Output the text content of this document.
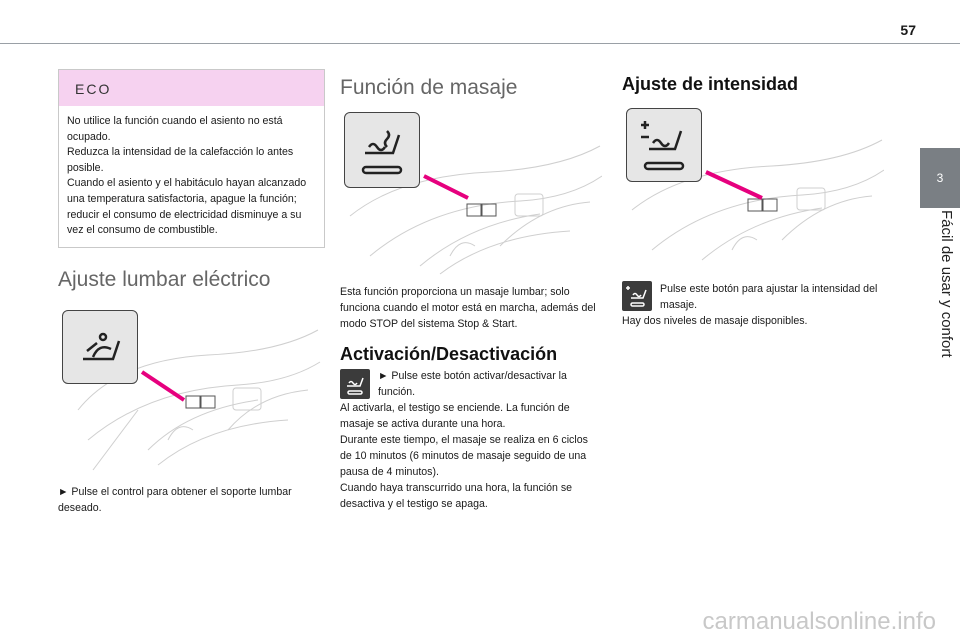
57
3
Fácil de usar y confort
ECO
No utilice la función cuando el asiento no está
ocupado.
Reduzca la intensidad de la calefacción lo antes
posible.
Cuando el asiento y el habitáculo hayan alcanzado
una temperatura satisfactoria, apague la función;
reducir el consumo de electricidad disminuye a su
vez el consumo de combustible.
Ajuste lumbar eléctrico
► Pulse el control para obtener el soporte lumbar
deseado.
Función de masaje
Esta función proporciona un masaje lumbar; solo
funciona cuando el motor está en marcha, además del
modo STOP del sistema Stop & Start.
Activación/Desactivación
► Pulse este botón activar/desactivar la
función.
Al activarla, el testigo se enciende. La función de
masaje se activa durante una hora.
Durante este tiempo, el masaje se realiza en 6 ciclos
de 10 minutos (6 minutos de masaje seguido de una
pausa de 4 minutos).
Cuando haya transcurrido una hora, la función se
desactiva y el testigo se apaga.
Ajuste de intensidad
Pulse este botón para ajustar la intensidad del
masaje.
Hay dos niveles de masaje disponibles.
carmanualsonline.info
